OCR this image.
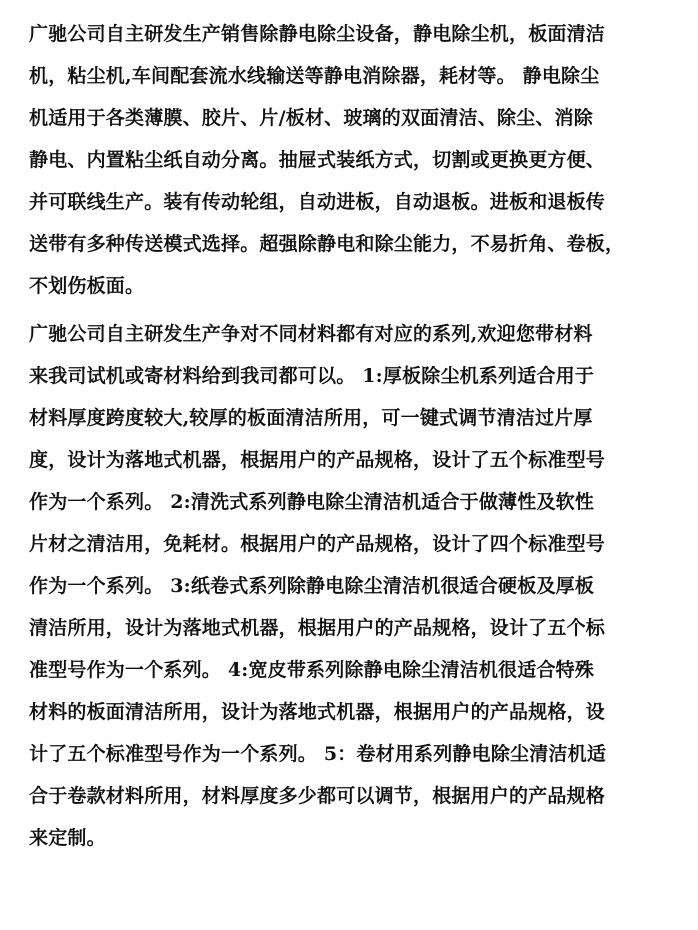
广驰公司自主研发生产销售除静电除尘设备，静电除尘机，板面清洁
机，粘尘机,车间配套流水线输送等静电消除器，耗材等。 静电除尘
机适用于各类薄膜、胶片、片/板材、玻璃的双面清洁、除尘、消除
静电、内置粘尘纸自动分离。抽屉式装纸方式，切割或更换更方便、
并可联线生产。装有传动轮组，自动进板，自动退板。进板和退板传
送带有多种传送模式选择。超强除静电和除尘能力，不易折角、卷板，
不划伤板面。
广驰公司自主研发生产争对不同材料都有对应的系列,欢迎您带材料
来我司试机或寄材料给到我司都可以。 1:厚板除尘机系列适合用于
材料厚度跨度较大,较厚的板面清洁所用，可一键式调节清洁过片厚
度，设计为落地式机器，根据用户的产品规格，设计了五个标准型号
作为一个系列。 2:清洗式系列静电除尘清洁机适合于做薄性及软性
片材之清洁用，免耗材。根据用户的产品规格，设计了四个标准型号
作为一个系列。 3:纸卷式系列除静电除尘清洁机很适合硬板及厚板
清洁所用，设计为落地式机器，根据用户的产品规格，设计了五个标
准型号作为一个系列。 4:宽皮带系列除静电除尘清洁机很适合特殊
材料的板面清洁所用，设计为落地式机器，根据用户的产品规格，设
计了五个标准型号作为一个系列。 5：卷材用系列静电除尘清洁机适
合于卷款材料所用，材料厚度多少都可以调节，根据用户的产品规格
来定制。
